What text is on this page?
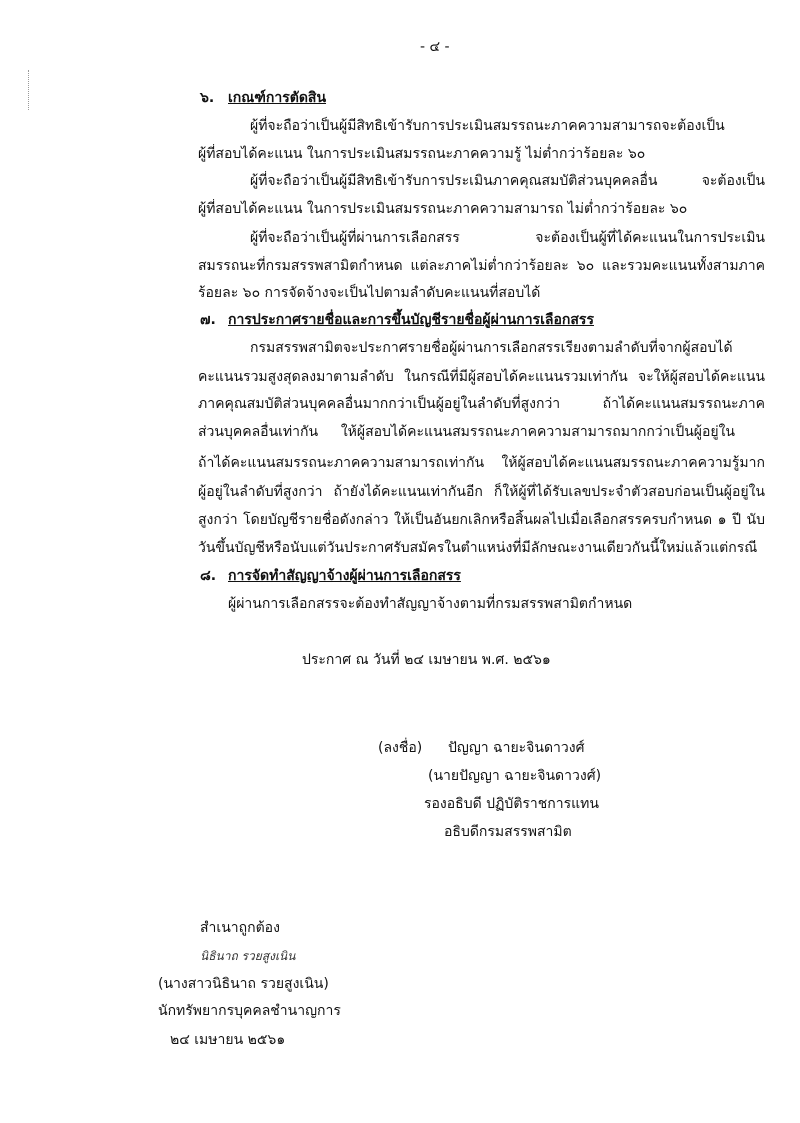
- ๔ -
๖. เกณฑ์การตัดสิน
ผู้ที่จะถือว่าเป็นผู้มีสิทธิเข้ารับการประเมินสมรรถนะภาคความสามารถจะต้องเป็น
ผู้ที่สอบได้คะแนน ในการประเมินสมรรถนะภาคความรู้ ไม่ต่ำกว่าร้อยละ ๖๐
ผู้ที่จะถือว่าเป็นผู้มีสิทธิเข้ารับการประเมินภาคคุณสมบัติส่วนบุคคลอื่น จะต้องเป็น
ผู้ที่สอบได้คะแนน ในการประเมินสมรรถนะภาคความสามารถ ไม่ต่ำกว่าร้อยละ ๖๐
ผู้ที่จะถือว่าเป็นผู้ที่ผ่านการเลือกสรร จะต้องเป็นผู้ที่ได้คะแนนในการประเมิน
สมรรถนะที่กรมสรรพสามิตกำหนด แต่ละภาคไม่ต่ำกว่าร้อยละ ๖๐ และรวมคะแนนทั้งสามภาค
ร้อยละ ๖๐ การจัดจ้างจะเป็นไปตามลำดับคะแนนที่สอบได้
๗. การประกาศรายชื่อและการขึ้นบัญชีรายชื่อผู้ผ่านการเลือกสรร
กรมสรรพสามิตจะประกาศรายชื่อผู้ผ่านการเลือกสรรเรียงตามลำดับที่จากผู้สอบได้
คะแนนรวมสูงสุดลงมาตามลำดับ ในกรณีที่มีผู้สอบได้คะแนนรวมเท่ากัน จะให้ผู้สอบได้คะแนน
ภาคคุณสมบัติส่วนบุคคลอื่นมากกว่าเป็นผู้อยู่ในลำดับที่สูงกว่า ถ้าได้คะแนนสมรรถนะภาค
ส่วนบุคคลอื่นเท่ากัน ให้ผู้สอบได้คะแนนสมรรถนะภาคความสามารถมากกว่าเป็นผู้อยู่ใน
ถ้าได้คะแนนสมรรถนะภาคความสามารถเท่ากัน ให้ผู้สอบได้คะแนนสมรรถนะภาคความรู้มาก
ผู้อยู่ในลำดับที่สูงกว่า ถ้ายังได้คะแนนเท่ากันอีก ก็ให้ผู้ที่ได้รับเลขประจำตัวสอบก่อนเป็นผู้อยู่ใน
สูงกว่า โดยบัญชีรายชื่อดังกล่าว ให้เป็นอันยกเลิกหรือสิ้นผลไปเมื่อเลือกสรรครบกำหนด ๑ ปี นับ
วันขึ้นบัญชีหรือนับแต่วันประกาศรับสมัครในตำแหน่งที่มีลักษณะงานเดียวกันนี้ใหม่แล้วแต่กรณี
๘. การจัดทำสัญญาจ้างผู้ผ่านการเลือกสรร
ผู้ผ่านการเลือกสรรจะต้องทำสัญญาจ้างตามที่กรมสรรพสามิตกำหนด
ประกาศ ณ วันที่ ๒๔ เมษายน พ.ศ. ๒๕๖๑
(ลงชื่อ) ปัญญา ฉายะจินดาวงศ์
(นายปัญญา ฉายะจินดาวงศ์)
รองอธิบดี ปฏิบัติราชการแทน
อธิบดีกรมสรรพสามิต
สำเนาถูกต้อง
นิธินาถ รวยสูงเนิน
(นางสาวนิธินาถ รวยสูงเนิน)
นักทรัพยากรบุคคลชำนาญการ
๒๔ เมษายน ๒๕๖๑
